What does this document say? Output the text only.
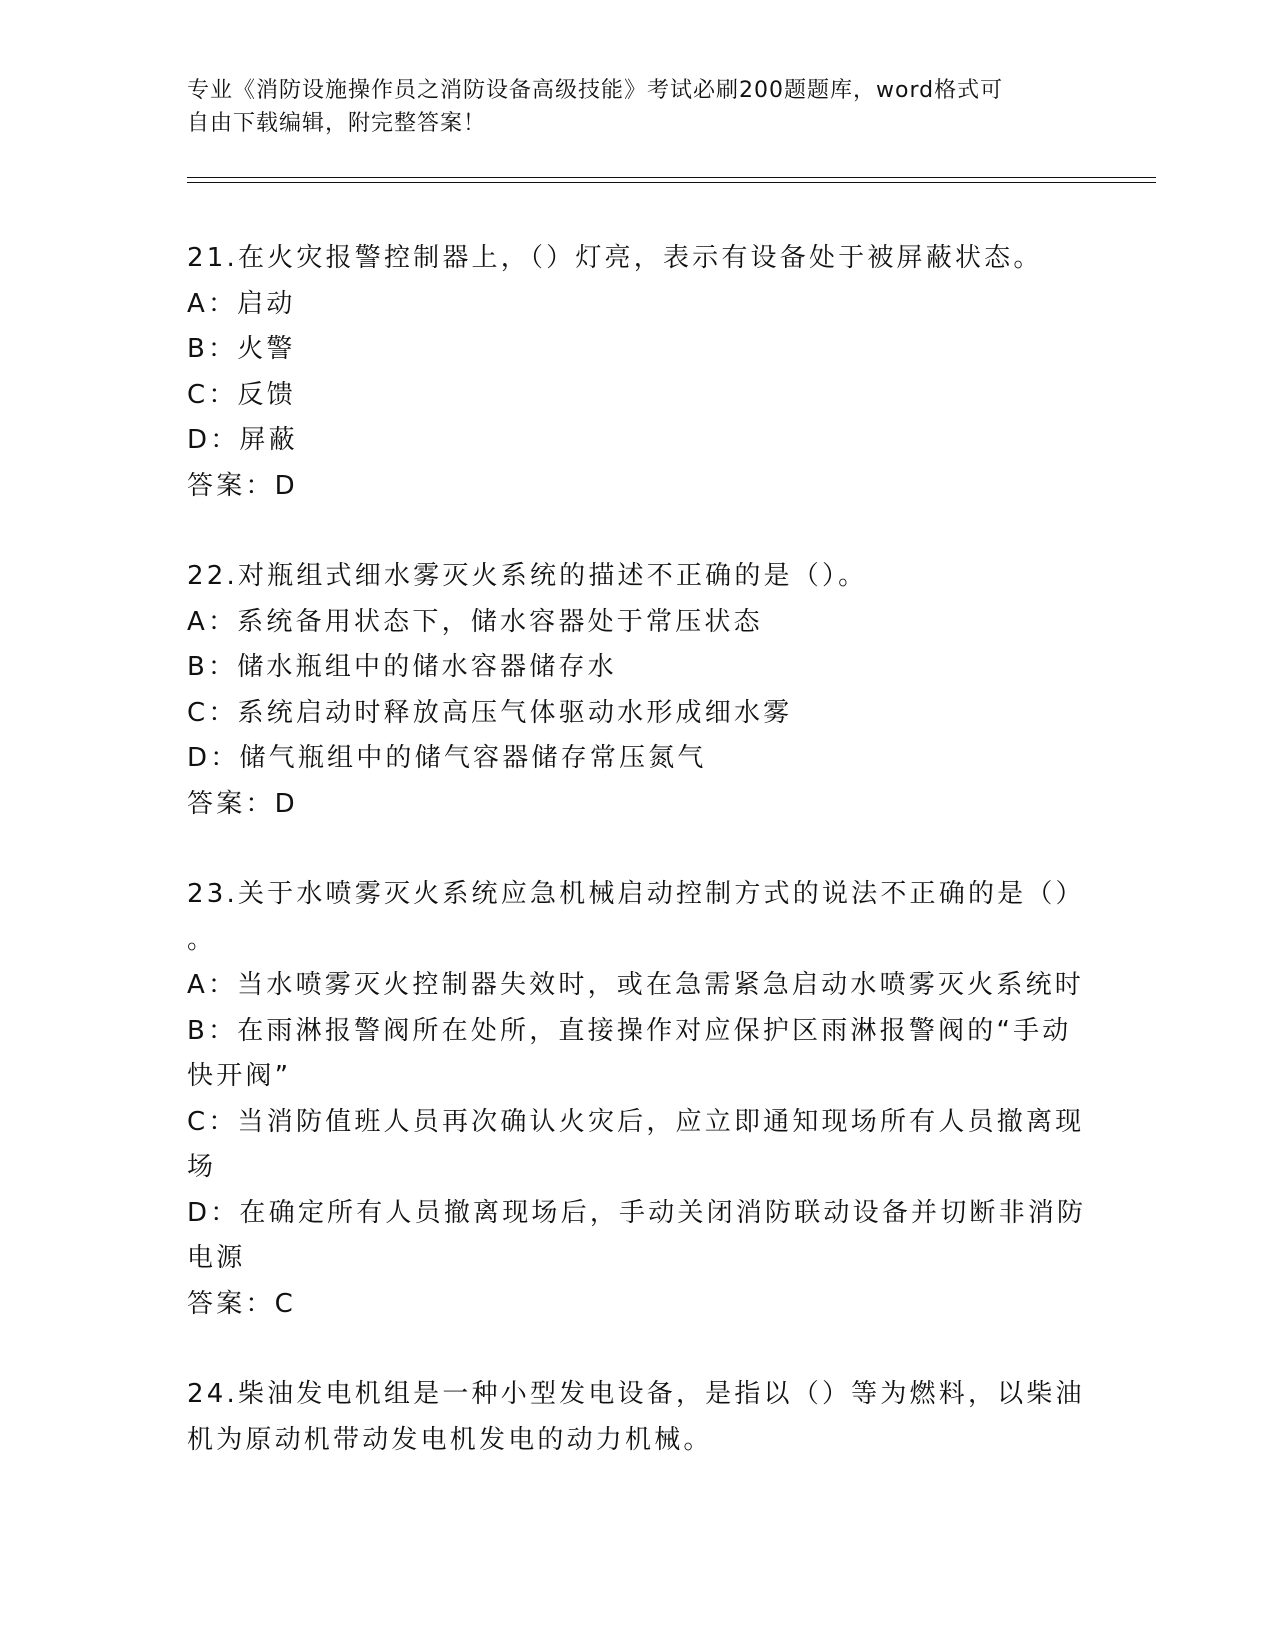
专业《消防设施操作员之消防设备高级技能》考试必刷200题题库，word格式可
自由下载编辑，附完整答案！

21.在火灾报警控制器上，（）灯亮，表示有设备处于被屏蔽状态。

A：启动

B：火警

C：反馈

D：屏蔽

答案：D

22.对瓶组式细水雾灭火系统的描述不正确的是（）。

A：系统备用状态下，储水容器处于常压状态

B：储水瓶组中的储水容器储存水

C：系统启动时释放高压气体驱动水形成细水雾

D：储气瓶组中的储气容器储存常压氮气

答案：D

23.关于水喷雾灭火系统应急机械启动控制方式的说法不正确的是（）

。

A：当水喷雾灭火控制器失效时，或在急需紧急启动水喷雾灭火系统时

B：在雨淋报警阀所在处所，直接操作对应保护区雨淋报警阀的“手动快开阀”

C：当消防值班人员再次确认火灾后，应立即通知现场所有人员撤离现场

D：在确定所有人员撤离现场后，手动关闭消防联动设备并切断非消防电源

答案：C

24.柴油发电机组是一种小型发电设备，是指以（）等为燃料，以柴油机为原动机带动发电机发电的动力机械。
